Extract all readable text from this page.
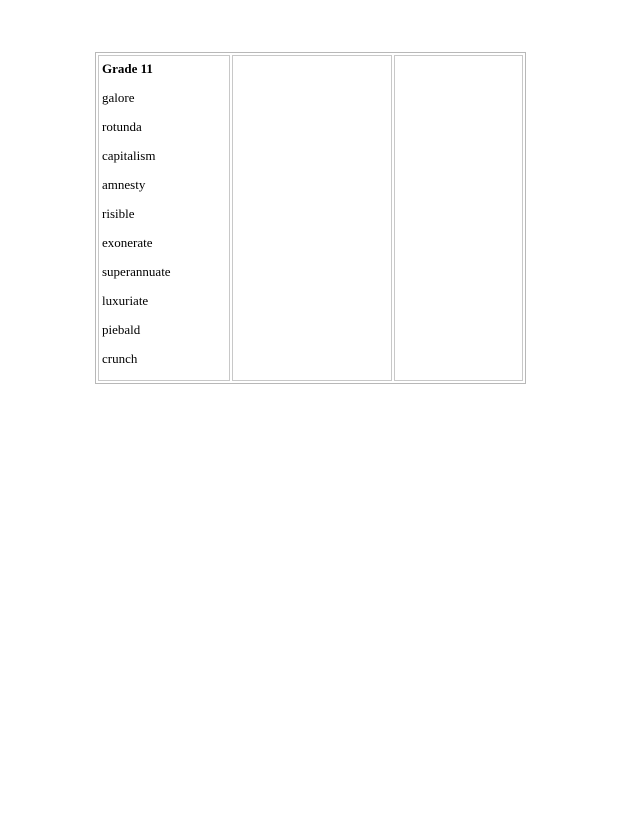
Grade 11
galore
rotunda
capitalism
amnesty
risible
exonerate
superannuate
luxuriate
piebald
crunch
